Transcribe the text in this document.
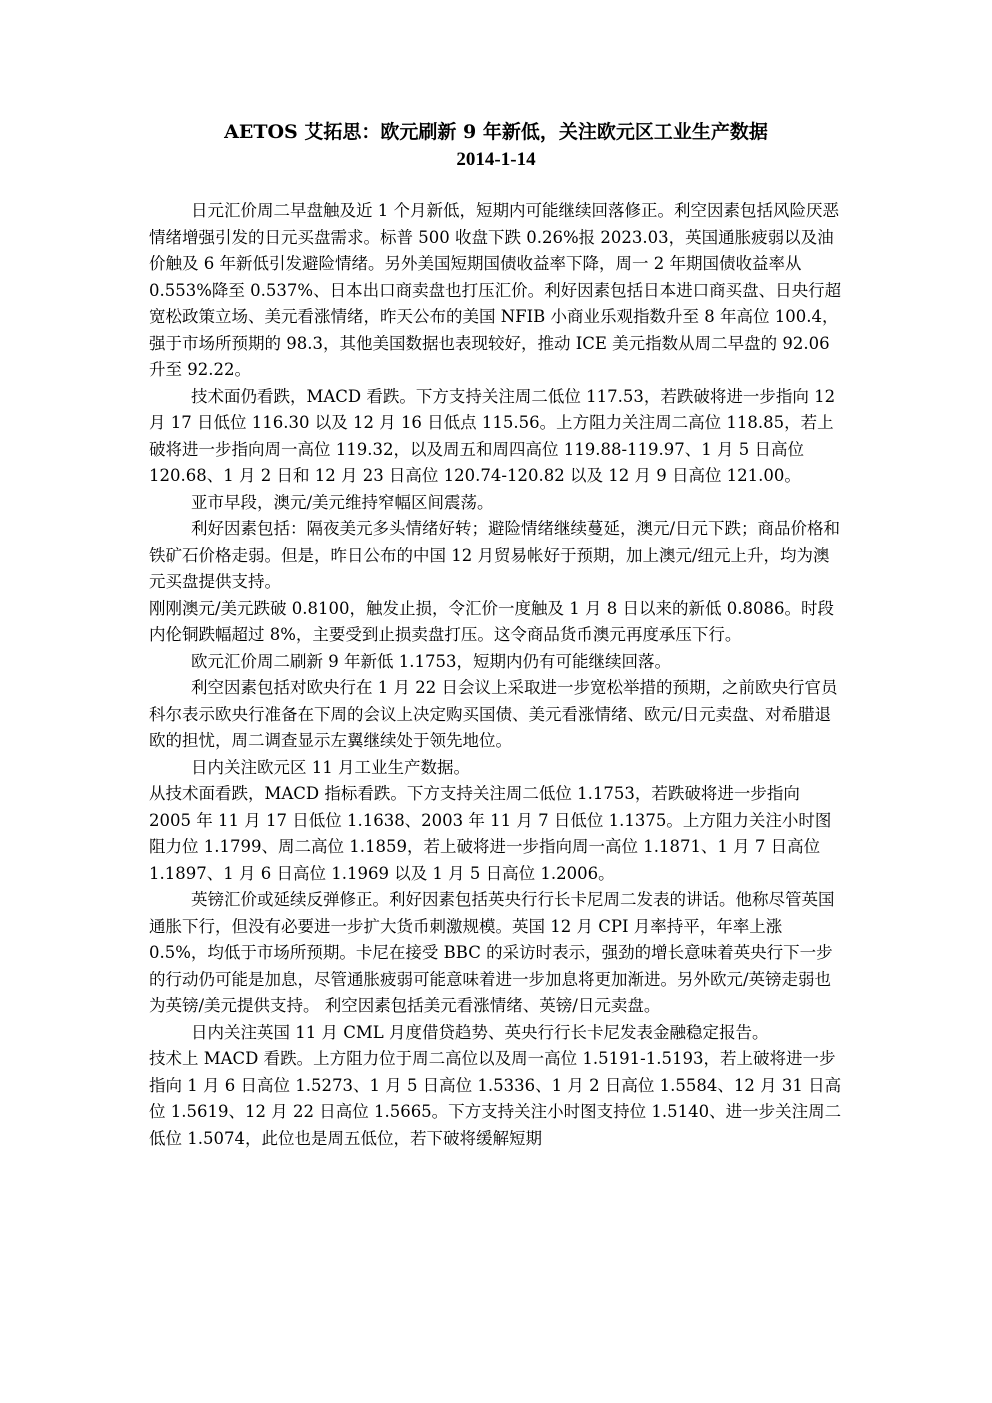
AETOS 艾拓思：欧元刷新 9 年新低，关注欧元区工业生产数据
2014-1-14

日元汇价周二早盘触及近 1 个月新低，短期内可能继续回落修正。利空因素包括风险厌恶情绪增强引发的日元买盘需求。标普 500 收盘下跌 0.26%报 2023.03，英国通胀疲弱以及油价触及 6 年新低引发避险情绪。另外美国短期国债收益率下降，周一 2 年期国债收益率从 0.553%降至 0.537%、日本出口商卖盘也打压汇价。利好因素包括日本进口商买盘、日央行超宽松政策立场、美元看涨情绪，昨天公布的美国 NFIB 小商业乐观指数升至 8 年高位 100.4，强于市场所预期的 98.3，其他美国数据也表现较好，推动 ICE 美元指数从周二早盘的 92.06 升至 92.22。

技术面仍看跌，MACD 看跌。下方支持关注周二低位 117.53，若跌破将进一步指向 12 月 17 日低位 116.30 以及 12 月 16 日低点 115.56。上方阻力关注周二高位 118.85，若上破将进一步指向周一高位 119.32，以及周五和周四高位 119.88-119.97、1 月 5 日高位 120.68、1 月 2 日和 12 月 23 日高位 120.74-120.82 以及 12 月 9 日高位 121.00。

亚市早段，澳元/美元维持窄幅区间震荡。

利好因素包括：隔夜美元多头情绪好转；避险情绪继续蔓延，澳元/日元下跌；商品价格和铁矿石价格走弱。但是，昨日公布的中国 12 月贸易帐好于预期，加上澳元/纽元上升，均为澳元买盘提供支持。

刚刚澳元/美元跌破 0.8100，触发止损，令汇价一度触及 1 月 8 日以来的新低 0.8086。时段内伦铜跌幅超过 8%，主要受到止损卖盘打压。这令商品货币澳元再度承压下行。

欧元汇价周二刷新 9 年新低 1.1753，短期内仍有可能继续回落。

利空因素包括对欧央行在 1 月 22 日会议上采取进一步宽松举措的预期，之前欧央行官员科尔表示欧央行准备在下周的会议上决定购买国债、美元看涨情绪、欧元/日元卖盘、对希腊退欧的担忧，周二调查显示左翼继续处于领先地位。

日内关注欧元区 11 月工业生产数据。

从技术面看跌，MACD 指标看跌。下方支持关注周二低位 1.1753，若跌破将进一步指向 2005 年 11 月 17 日低位 1.1638、2003 年 11 月 7 日低位 1.1375。上方阻力关注小时图阻力位 1.1799、周二高位 1.1859，若上破将进一步指向周一高位 1.1871、1 月 7 日高位 1.1897、1 月 6 日高位 1.1969 以及 1 月 5 日高位 1.2006。

英镑汇价或延续反弹修正。利好因素包括英央行行长卡尼周二发表的讲话。他称尽管英国通胀下行，但没有必要进一步扩大货币刺激规模。英国 12 月 CPI 月率持平，年率上涨 0.5%，均低于市场所预期。卡尼在接受 BBC 的采访时表示，强劲的增长意味着英央行下一步的行动仍可能是加息，尽管通胀疲弱可能意味着进一步加息将更加渐进。另外欧元/英镑走弱也为英镑/美元提供支持。 利空因素包括美元看涨情绪、英镑/日元卖盘。

日内关注英国 11 月 CML 月度借贷趋势、英央行行长卡尼发表金融稳定报告。

技术上 MACD 看跌。上方阻力位于周二高位以及周一高位 1.5191-1.5193，若上破将进一步指向 1 月 6 日高位 1.5273、1 月 5 日高位 1.5336、1 月 2 日高位 1.5584、12 月 31 日高位 1.5619、12 月 22 日高位 1.5665。下方支持关注小时图支持位 1.5140、进一步关注周二低位 1.5074，此位也是周五低位，若下破将缓解短期
